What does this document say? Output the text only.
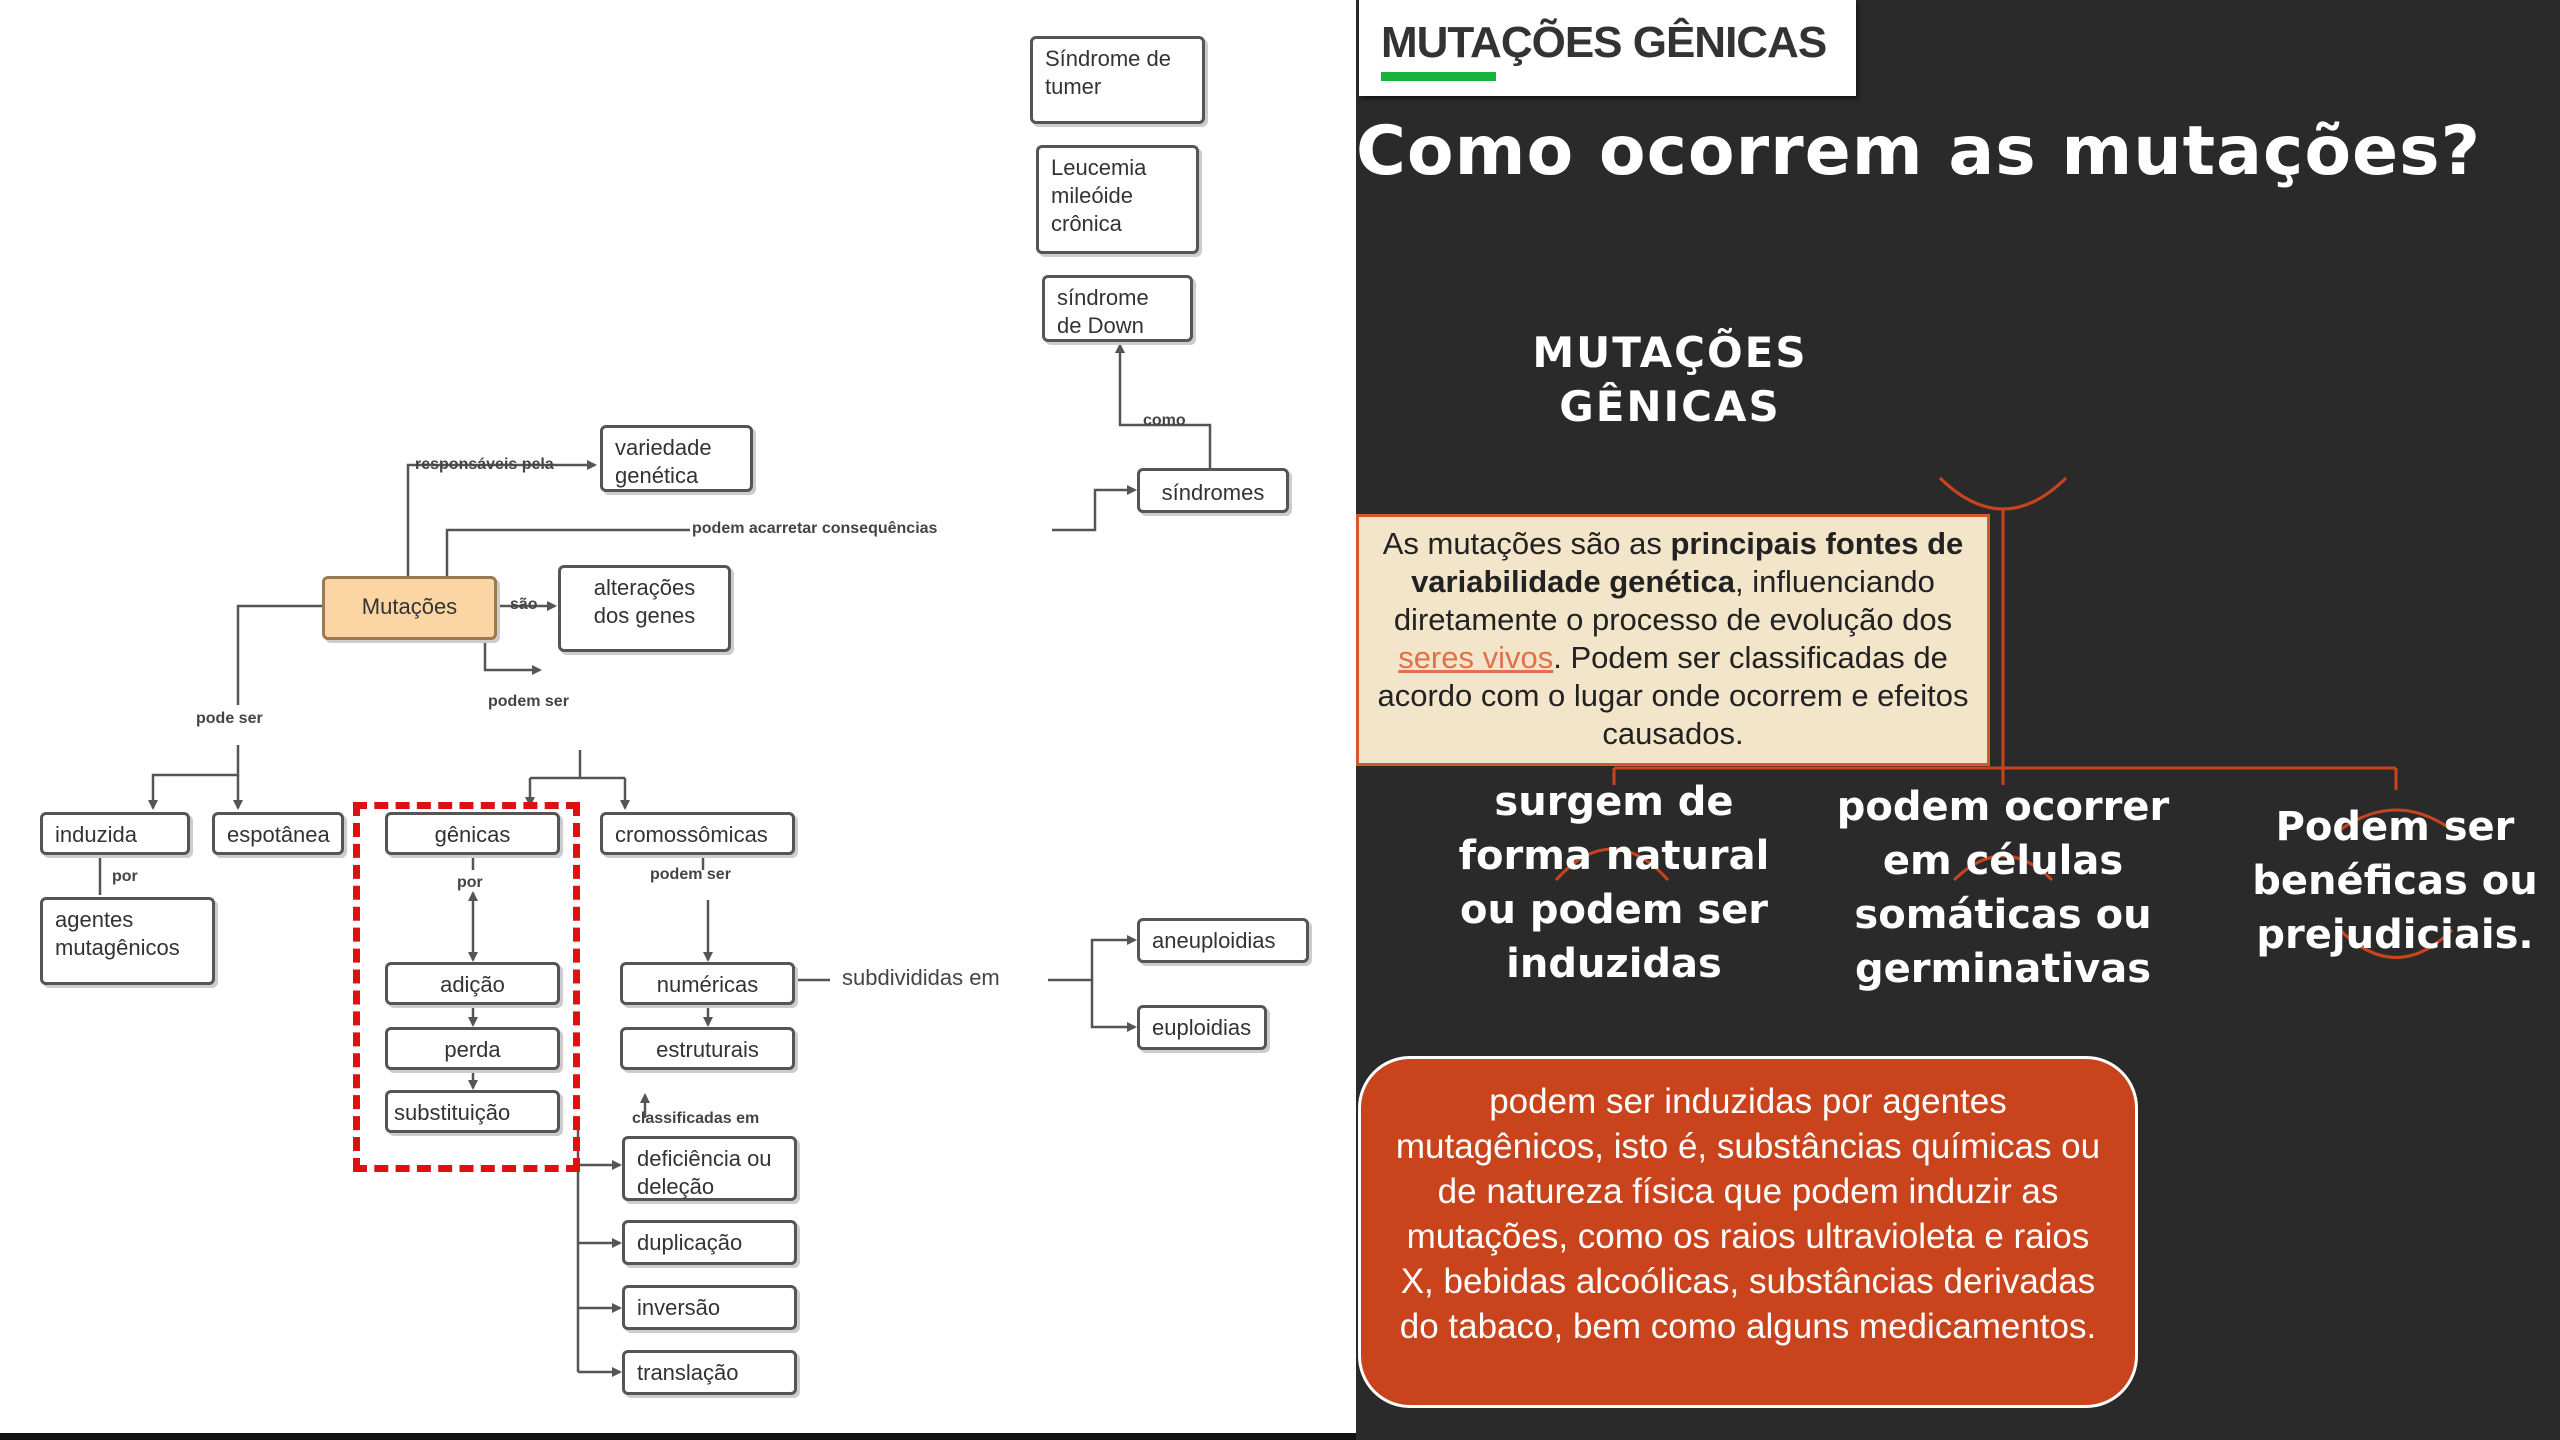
Síndrome de tumer
Leucemia mileóide crônica
síndrome de Down
como
síndromes
variedade genética
responsáveis pela
podem acarretar consequências
Mutações	são
alterações dos genes
pode ser
podem ser
induzida	espotânea
por
agentes mutagênicos
gênicas
por
adição
perda
substituição
cromossômicas
podem ser
numéricas	subdivididas em
estruturais
classificadas em
aneuploidias
euploidias
deficiência ou deleção
duplicação
inversão
translação
MUTAÇÕES GÊNICAS
Como ocorrem as mutações?
MUTAÇÕES
GÊNICAS
As mutações são as principais fontes de variabilidade genética, influenciando diretamente o processo de evolução dos seres vivos. Podem ser classificadas de acordo com o lugar onde ocorrem e efeitos causados.
surgem de forma natural ou podem ser induzidas
podem ocorrer em células somáticas ou germinativas
Podem ser benéficas ou prejudiciais.
podem ser induzidas por agentes mutagênicos, isto é, substâncias químicas ou de natureza física que podem induzir as mutações, como os raios ultravioleta e raios X, bebidas alcoólicas, substâncias derivadas do tabaco, bem como alguns medicamentos.
